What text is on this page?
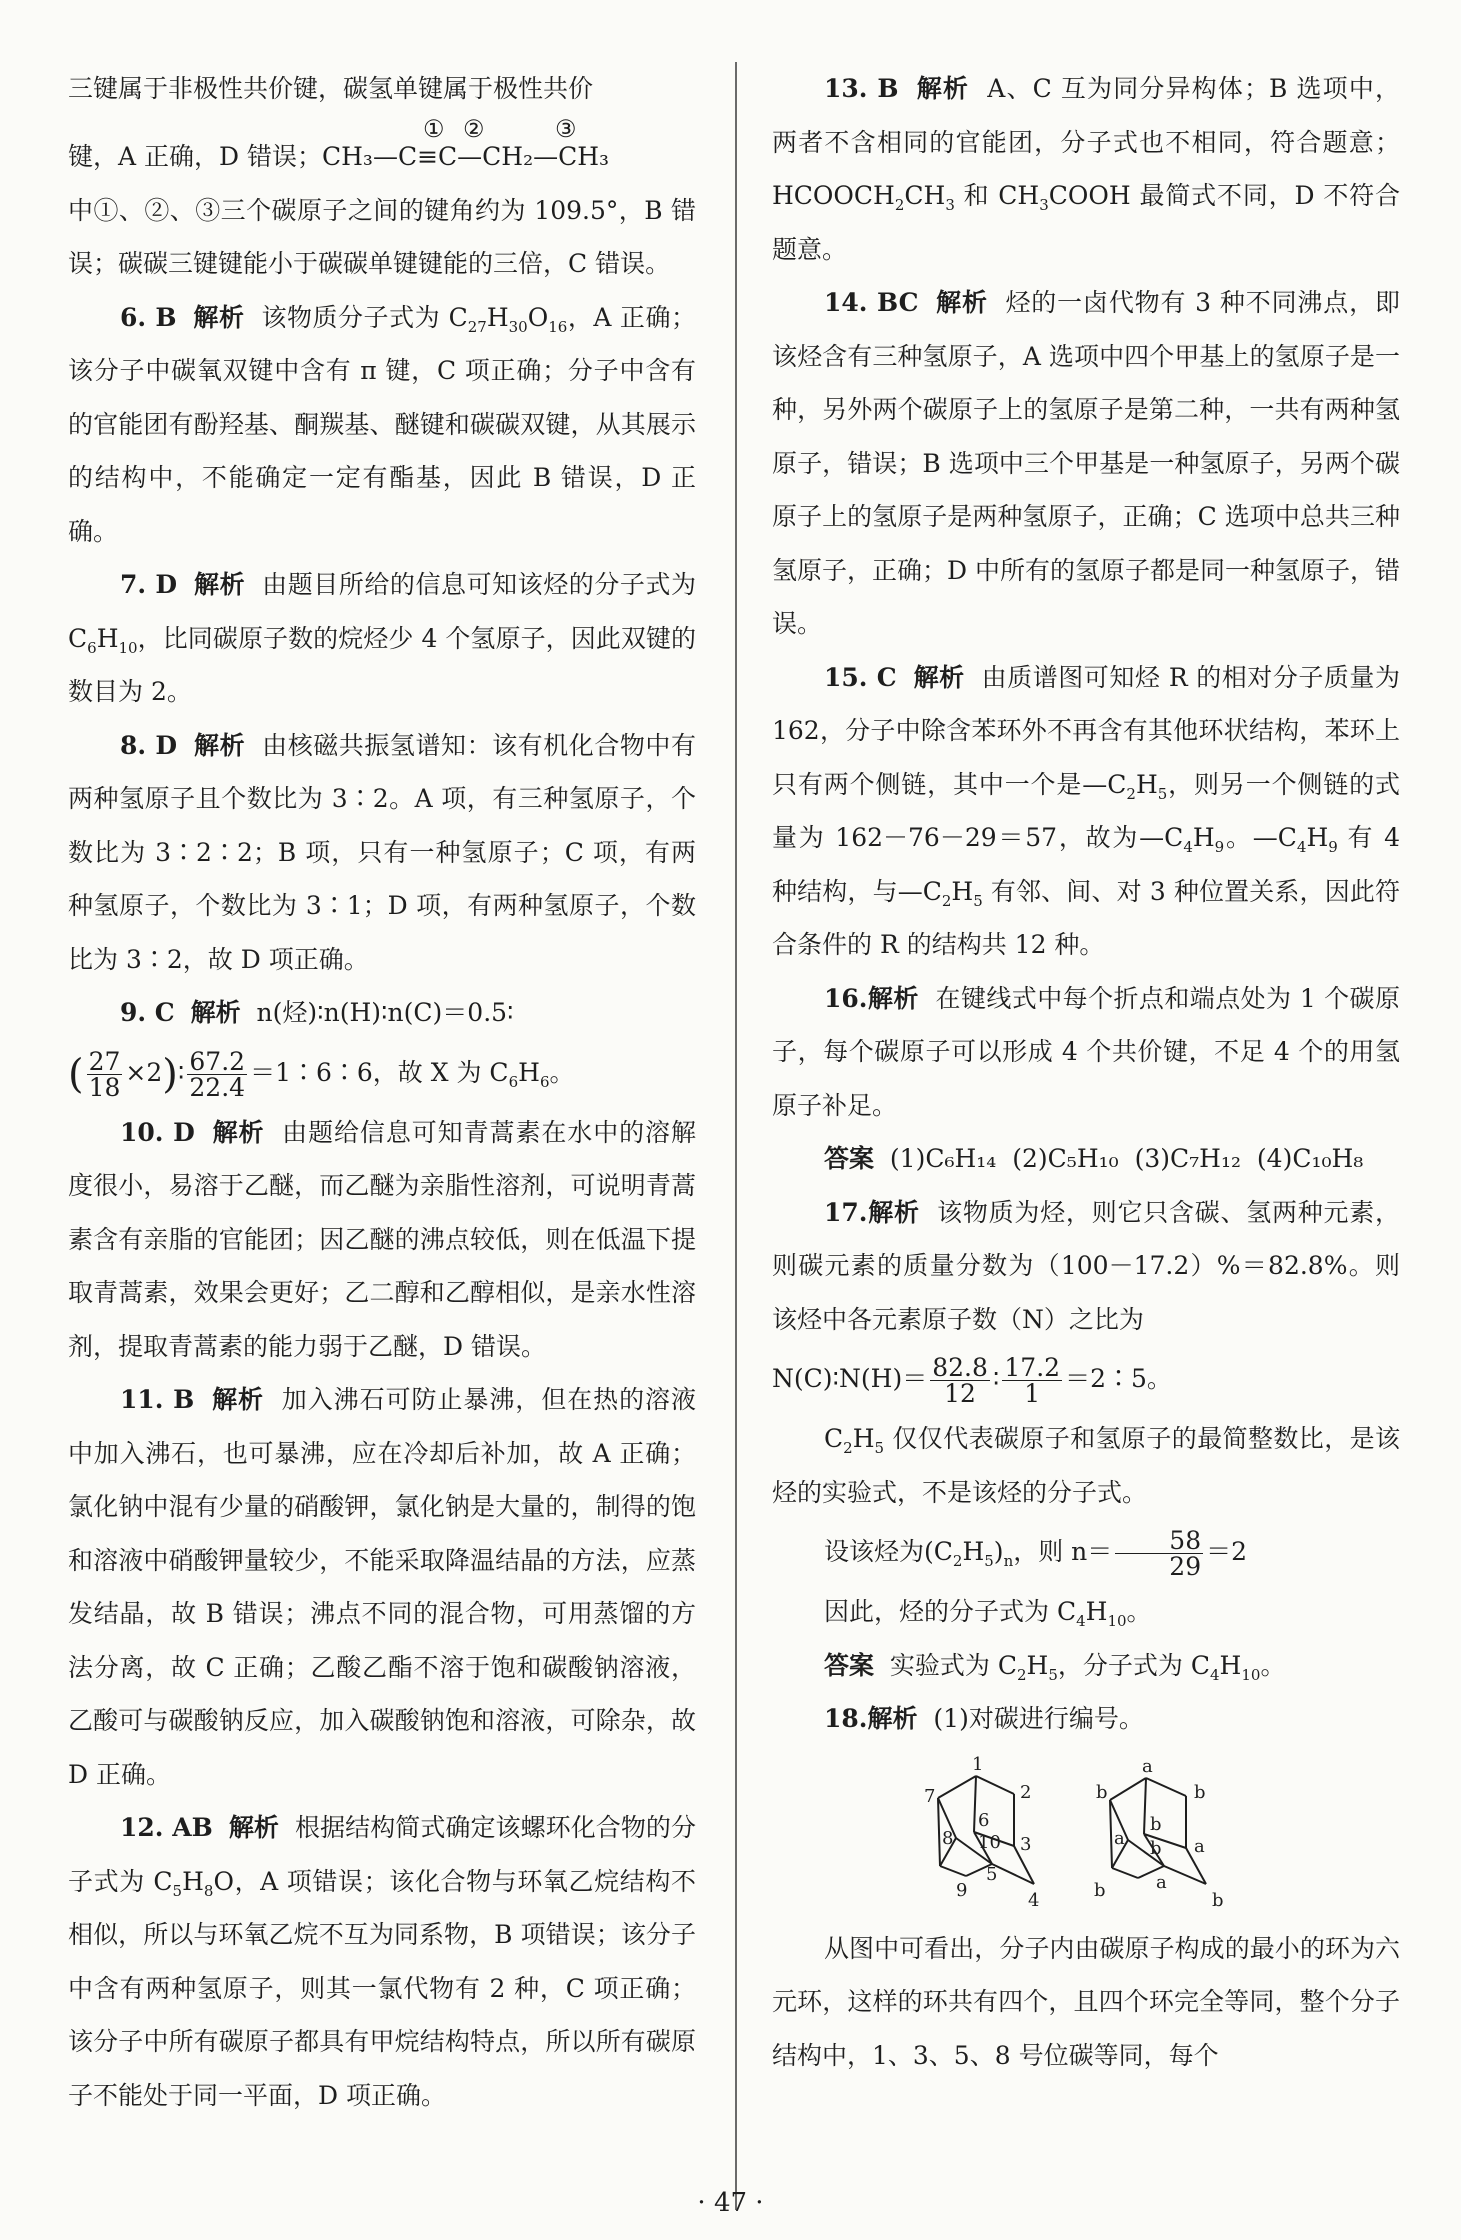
三键属于非极性共价键，碳氢单键属于极性共价

① ②	③

键，A 正确，D 错误；CH₃—C≡C—CH₂—CH₃

中①、②、③三个碳原子之间的键角约为 109.5°，B 错误；碳碳三键键能小于碳碳单键键能的三倍，C 错误。

6. B 解析 该物质分子式为 $C_{27}H_{30}O_{16}$，A 正确；该分子中碳氧双键中含有 π 键，C 项正确；分子中含有的官能团有酚羟基、酮羰基、醚键和碳碳双键，从其展示的结构中，不能确定一定有酯基，因此 B 错误，D 正确。

7. D 解析 由题目所给的信息可知该烃的分子式为 $C_6H_{10}$，比同碳原子数的烷烃少 4 个氢原子，因此双键的数目为 2。

8. D 解析 由核磁共振氢谱知：该有机化合物中有两种氢原子且个数比为 3∶2。A 项，有三种氢原子，个数比为 3∶2∶2；B 项，只有一种氢原子；C 项，有两种氢原子，个数比为 3∶1；D 项，有两种氢原子，个数比为 3∶2，故 D 项正确。

9. C 解析 n(烃)∶n(H)∶n(C)＝0.5∶

( $\frac{27}{18}$ ×2)∶ $\frac{67.2}{22.4}$ ＝1∶6∶6，故 X 为 $C_6H_6$。

10. D 解析 由题给信息可知青蒿素在水中的溶解度很小，易溶于乙醚，而乙醚为亲脂性溶剂，可说明青蒿素含有亲脂的官能团；因乙醚的沸点较低，则在低温下提取青蒿素，效果会更好；乙二醇和乙醇相似，是亲水性溶剂，提取青蒿素的能力弱于乙醚，D 错误。

11. B 解析 加入沸石可防止暴沸，但在热的溶液中加入沸石，也可暴沸，应在冷却后补加，故 A 正确；氯化钠中混有少量的硝酸钾，氯化钠是大量的，制得的饱和溶液中硝酸钾量较少，不能采取降温结晶的方法，应蒸发结晶，故 B 错误；沸点不同的混合物，可用蒸馏的方法分离，故 C 正确；乙酸乙酯不溶于饱和碳酸钠溶液，乙酸可与碳酸钠反应，加入碳酸钠饱和溶液，可除杂，故 D 正确。

12. AB 解析 根据结构简式确定该螺环化合物的分子式为 $C_5H_8O$，A 项错误；该化合物与环氧乙烷结构不相似，所以与环氧乙烷不互为同系物，B 项错误；该分子中含有两种氢原子，则其一氯代物有 2 种，C 项正确；该分子中所有碳原子都具有甲烷结构特点，所以所有碳原子不能处于同一平面，D 项正确。

13. B 解析 A、C 互为同分异构体；B 选项中，两者不含相同的官能团，分子式也不相同，符合题意；$HCOOCH_2CH_3$ 和 $CH_3COOH$ 最简式不同，D 不符合题意。

14. BC 解析 烃的一卤代物有 3 种不同沸点，即该烃含有三种氢原子，A 选项中四个甲基上的氢原子是一种，另外两个碳原子上的氢原子是第二种，一共有两种氢原子，错误；B 选项中三个甲基是一种氢原子，另两个碳原子上的氢原子是两种氢原子，正确；C 选项中总共三种氢原子，正确；D 中所有的氢原子都是同一种氢原子，错误。

15. C 解析 由质谱图可知烃 R 的相对分子质量为 162，分子中除含苯环外不再含有其他环状结构，苯环上只有两个侧链，其中一个是$—C_2H_5$，则另一个侧链的式量为 162－76－29＝57，故为$—C_4H_9$。$—C_4H_9$ 有 4 种结构，与$—C_2H_5$ 有邻、间、对 3 种位置关系，因此符合条件的 R 的结构共 12 种。

16.解析 在键线式中每个折点和端点处为 1 个碳原子，每个碳原子可以形成 4 个共价键，不足 4 个的用氢原子补足。

答案 (1)C₆H₁₄ (2)C₅H₁₀ (3)C₇H₁₂ (4)C₁₀H₈

17.解析 该物质为烃，则它只含碳、氢两种元素，则碳元素的质量分数为（100－17.2）%＝82.8%。则该烃中各元素原子数（N）之比为

N(C)∶N(H)＝ $\frac{82.8}{12}$ ∶ $\frac{17.2}{1}$ ＝2∶5。

$C_2H_5$ 仅仅代表碳原子和氢原子的最简整数比，是该烃的实验式，不是该烃的分子式。

设该烃为$(C_2H_5)_n$，则 $n= \frac{58}{29} =2$

因此，烃的分子式为 $C_4H_{10}$。

答案 实验式为 $C_2H_5$，分子式为 $C_4H_{10}$。

18.解析 (1)对碳进行编号。

1
2
3
4
5
6
7
8
9
10
a
b
a
b
a
b
b
a
b
b

从图中可看出，分子内由碳原子构成的最小的环为六元环，这样的环共有四个，且四个环完全等同，整个分子结构中，1、3、5、8 号位碳等同，每个

· 47 ·
